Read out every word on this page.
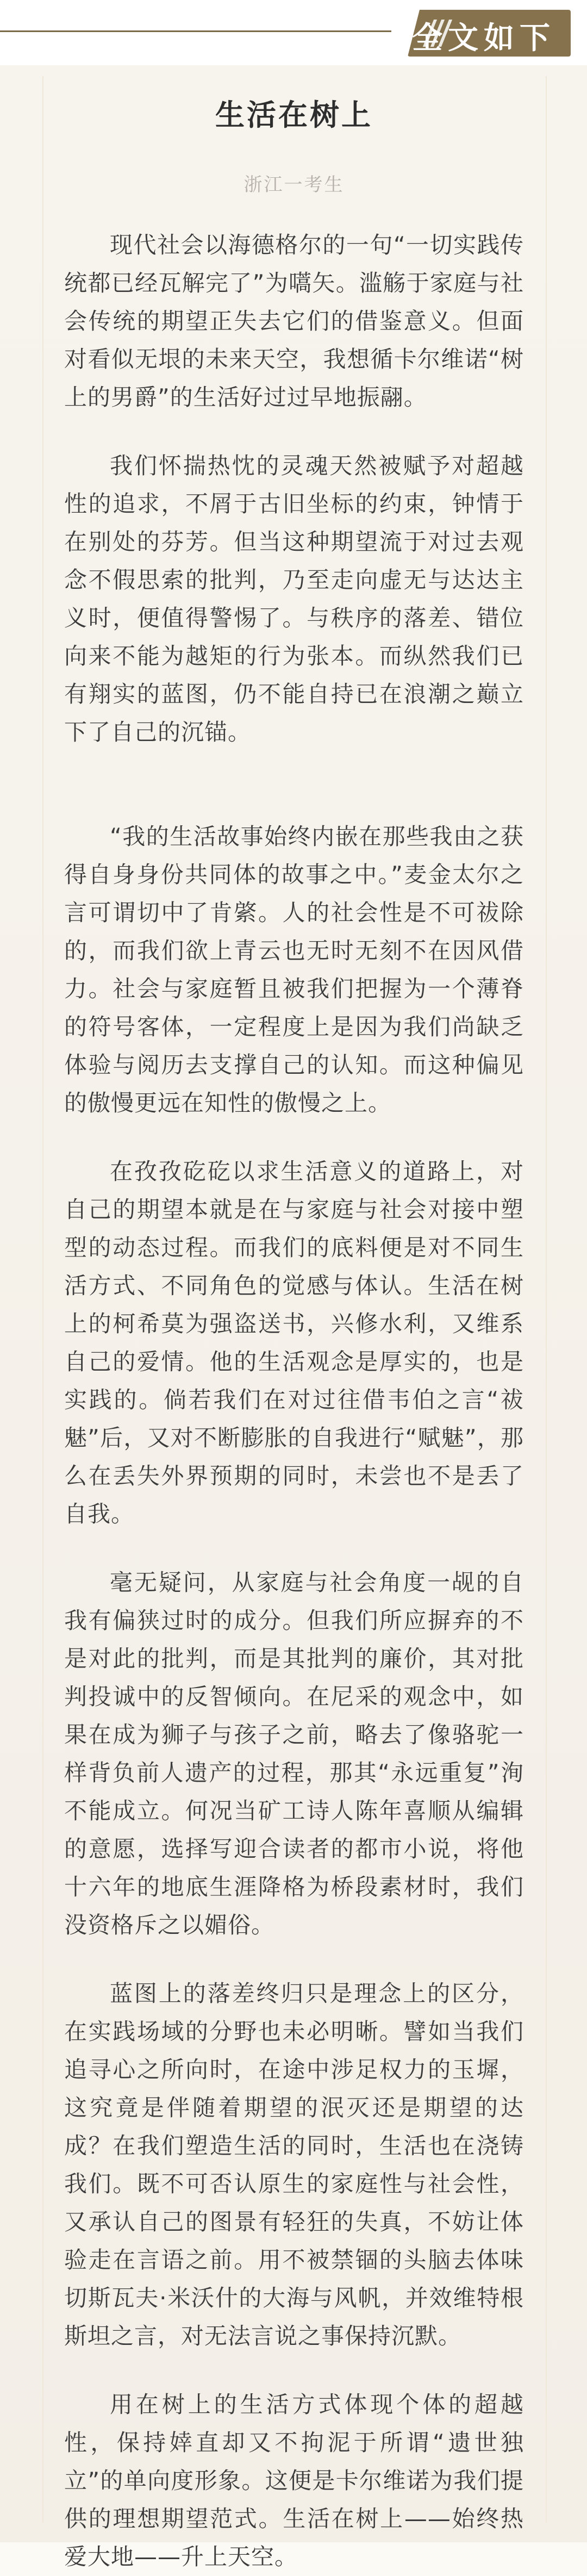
全文如下
生活在树上
浙江一考生

现代社会以海德格尔的一句“一切实践传统都已经瓦解完了”为嚆矢。滥觞于家庭与社会传统的期望正失去它们的借鉴意义。但面对看似无垠的未来天空，我想循卡尔维诺“树上的男爵”的生活好过过早地振翮。

我们怀揣热忱的灵魂天然被赋予对超越性的追求，不屑于古旧坐标的约束，钟情于在别处的芬芳。但当这种期望流于对过去观念不假思索的批判，乃至走向虚无与达达主义时，便值得警惕了。与秩序的落差、错位向来不能为越矩的行为张本。而纵然我们已有翔实的蓝图，仍不能自持已在浪潮之巅立下了自己的沉锚。

“我的生活故事始终内嵌在那些我由之获得自身身份共同体的故事之中。”麦金太尔之言可谓切中了肯綮。人的社会性是不可祓除的，而我们欲上青云也无时无刻不在因风借力。社会与家庭暂且被我们把握为一个薄脊的符号客体，一定程度上是因为我们尚缺乏体验与阅历去支撑自己的认知。而这种偏见的傲慢更远在知性的傲慢之上。

在孜孜矻矻以求生活意义的道路上，对自己的期望本就是在与家庭与社会对接中塑型的动态过程。而我们的底料便是对不同生活方式、不同角色的觉感与体认。生活在树上的柯希莫为强盗送书，兴修水利，又维系自己的爱情。他的生活观念是厚实的，也是实践的。倘若我们在对过往借韦伯之言“祓魅”后，又对不断膨胀的自我进行“赋魅”，那么在丢失外界预期的同时，未尝也不是丢了自我。

毫无疑问，从家庭与社会角度一觇的自我有偏狭过时的成分。但我们所应摒弃的不是对此的批判，而是其批判的廉价，其对批判投诚中的反智倾向。在尼采的观念中，如果在成为狮子与孩子之前，略去了像骆驼一样背负前人遗产的过程，那其“永远重复”洵不能成立。何况当矿工诗人陈年喜顺从编辑的意愿，选择写迎合读者的都市小说，将他十六年的地底生涯降格为桥段素材时，我们没资格斥之以媚俗。

蓝图上的落差终归只是理念上的区分，在实践场域的分野也未必明晰。譬如当我们追寻心之所向时，在途中涉足权力的玉墀，这究竟是伴随着期望的泯灭还是期望的达成？在我们塑造生活的同时，生活也在浇铸我们。既不可否认原生的家庭性与社会性，又承认自己的图景有轻狂的失真，不妨让体验走在言语之前。用不被禁锢的头脑去体味切斯瓦夫·米沃什的大海与风帆，并效维特根斯坦之言，对无法言说之事保持沉默。

用在树上的生活方式体现个体的超越性，保持婞直却又不拘泥于所谓“遗世独立”的单向度形象。这便是卡尔维诺为我们提供的理想期望范式。生活在树上——始终热爱大地——升上天空。
